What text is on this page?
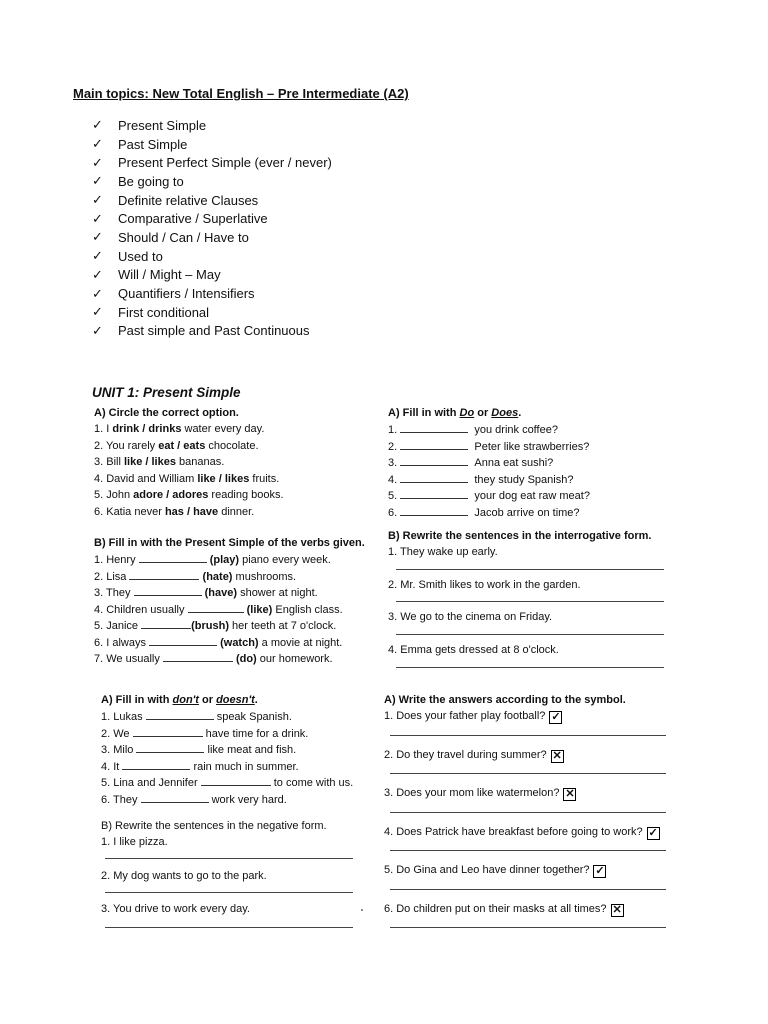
Main topics: New Total English – Pre Intermediate (A2)
✓	Present Simple
✓	Past Simple
✓	Present Perfect Simple (ever / never)
✓	Be going to
✓	Definite relative Clauses
✓	Comparative / Superlative
✓	Should / Can / Have to
✓	Used to
✓	Will / Might – May
✓	Quantifiers / Intensifiers
✓	First conditional
✓	Past simple and Past Continuous
UNIT 1: Present Simple
A) Circle the correct option.
1. I drink / drinks water every day.
2. You rarely eat / eats chocolate.
3. Bill like / likes bananas.
4. David and William like / likes fruits.
5. John adore / adores reading books.
6. Katia never has / have dinner.
B) Fill in with the Present Simple of the verbs given.
1. Henry	(play) piano every week.
2. Lisa	(hate) mushrooms.
3. They	(have) shower at night.
4. Children usually	(like) English class.
5. Janice	(brush) her teeth at 7 o'clock.
6. I always	(watch) a movie at night.
7. We usually	(do) our homework.
A) Fill in with Do or Does.
1.	you drink coffee?
2.	Peter like strawberries?
3.	Anna eat sushi?
4.	they study Spanish?
5.	your dog eat raw meat?
6.	Jacob arrive on time?
B) Rewrite the sentences in the interrogative form.
1. They wake up early.
2. Mr. Smith likes to work in the garden.
3. We go to the cinema on Friday.
4. Emma gets dressed at 8 o'clock.
A) Fill in with don't or doesn't.
1. Lukas	speak Spanish.
2. We	have time for a drink.
3. Milo	like meat and fish.
4. It	rain much in summer.
5. Lina and Jennifer	to come with us.
6. They	work very hard.
B) Rewrite the sentences in the negative form.
1. I like pizza.
2. My dog wants to go to the park.
3. You drive to work every day.
A) Write the answers according to the symbol.
1. Does your father play football? ✓
2. Do they travel during summer? ✕
3. Does your mom like watermelon? ✕
4. Does Patrick have breakfast before going to work? ✓
5. Do Gina and Leo have dinner together? ✓
6. Do children put on their masks at all times? ✕
